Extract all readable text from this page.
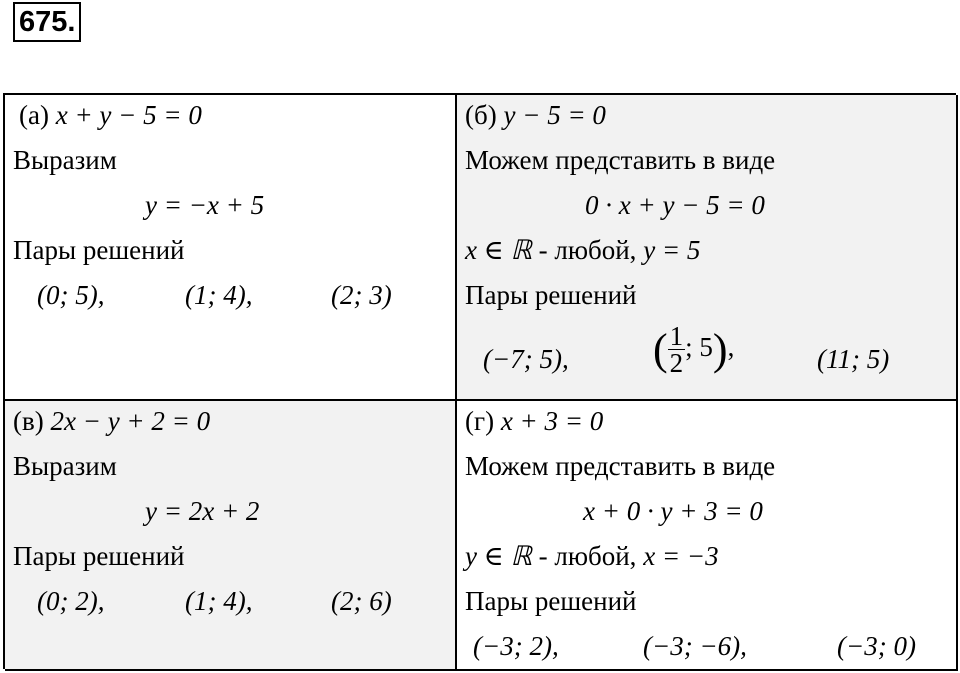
675.
(а) x + y − 5 = 0
Выразим
y = −x + 5
Пары решений
(0; 5),	(1; 4),	(2; 3)
(б) y − 5 = 0
Можем представить в виде
0 · x + y − 5 = 0
x ∈ ℝ - любой, y = 5
Пары решений
(−7; 5), ( $\frac{1}{2}$ ; 5),	(11; 5)
(в) 2x − y + 2 = 0
Выразим
y = 2x + 2
Пары решений
(0; 2),	(1; 4),	(2; 6)
(г) x + 3 = 0
Можем представить в виде
x + 0 · y + 3 = 0
y ∈ ℝ - любой, x = −3
Пары решений
(−3; 2),	(−3; −6),	(−3; 0)
